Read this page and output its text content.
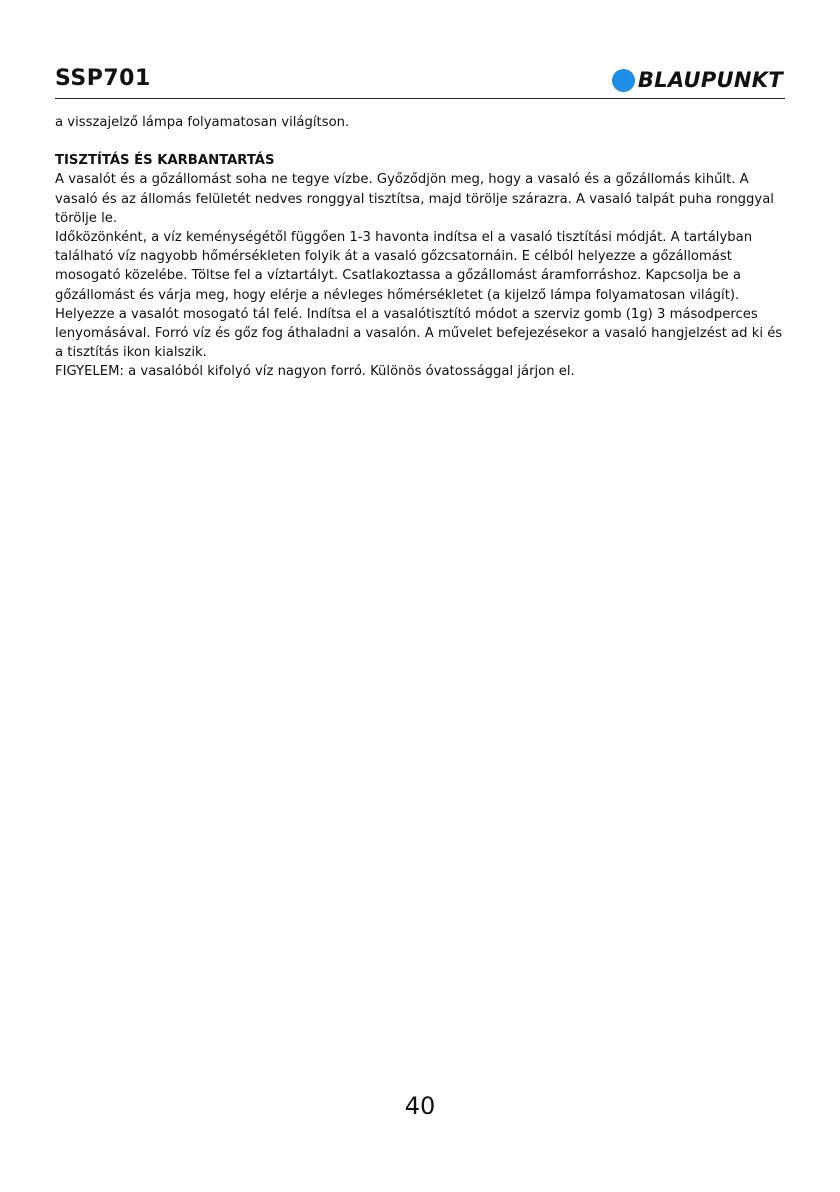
SSP701	BLAUPUNKT

a visszajelző lámpa folyamatosan világítson.

TISZTÍTÁS ÉS KARBANTARTÁS

A vasalót és a gőzállomást soha ne tegye vízbe. Győződjön meg, hogy a vasaló és a gőzállomás kihűlt. A vasaló és az állomás felületét nedves ronggyal tisztítsa, majd törölje szárazra. A vasaló talpát puha ronggyal törölje le.

Időközönként, a víz keménységétől függően 1-3 havonta indítsa el a vasaló tisztítási módját. A tartályban található víz nagyobb hőmérsékleten folyik át a vasaló gőzcsatornáin. E célból helyezze a gőzállomást mosogató közelébe. Töltse fel a víztartályt. Csatlakoztassa a gőzállomást áramforráshoz. Kapcsolja be a gőzállomást és várja meg, hogy elérje a névleges hőmérsékletet (a kijelző lámpa folyamatosan világít). Helyezze a vasalót mosogató tál felé. Indítsa el a vasalótisztító módot a szerviz gomb (1g) 3 másodperces lenyomásával. Forró víz és gőz fog áthaladni a vasalón. A művelet befejezésekor a vasaló hangjelzést ad ki és a tisztítás ikon kialszik.

FIGYELEM: a vasalóból kifolyó víz nagyon forró. Különös óvatossággal járjon el.

40
